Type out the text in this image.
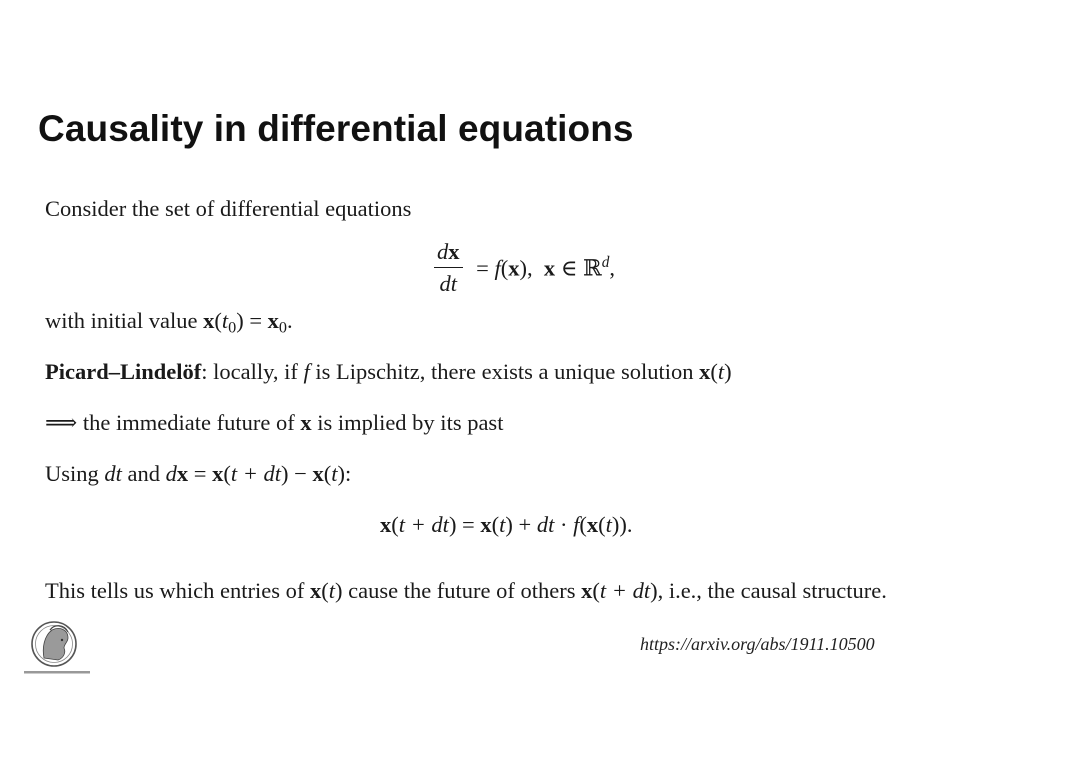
Causality in differential equations
Consider the set of differential equations
$\frac{dx}{dt} = f(x)$,  x ∈ ℝ$^d$,
with initial value $x(t_0) = x_0$.
Picard–Lindelöf: locally, if f is Lipschitz, there exists a unique solution x(t)
⟹ the immediate future of x is implied by its past
Using dt and dx = x(t + dt) − x(t):
x(t + dt) = x(t) + dt · f(x(t)).
This tells us which entries of x(t) cause the future of others x(t + dt), i.e., the causal structure.
https://arxiv.org/abs/1911.10500
